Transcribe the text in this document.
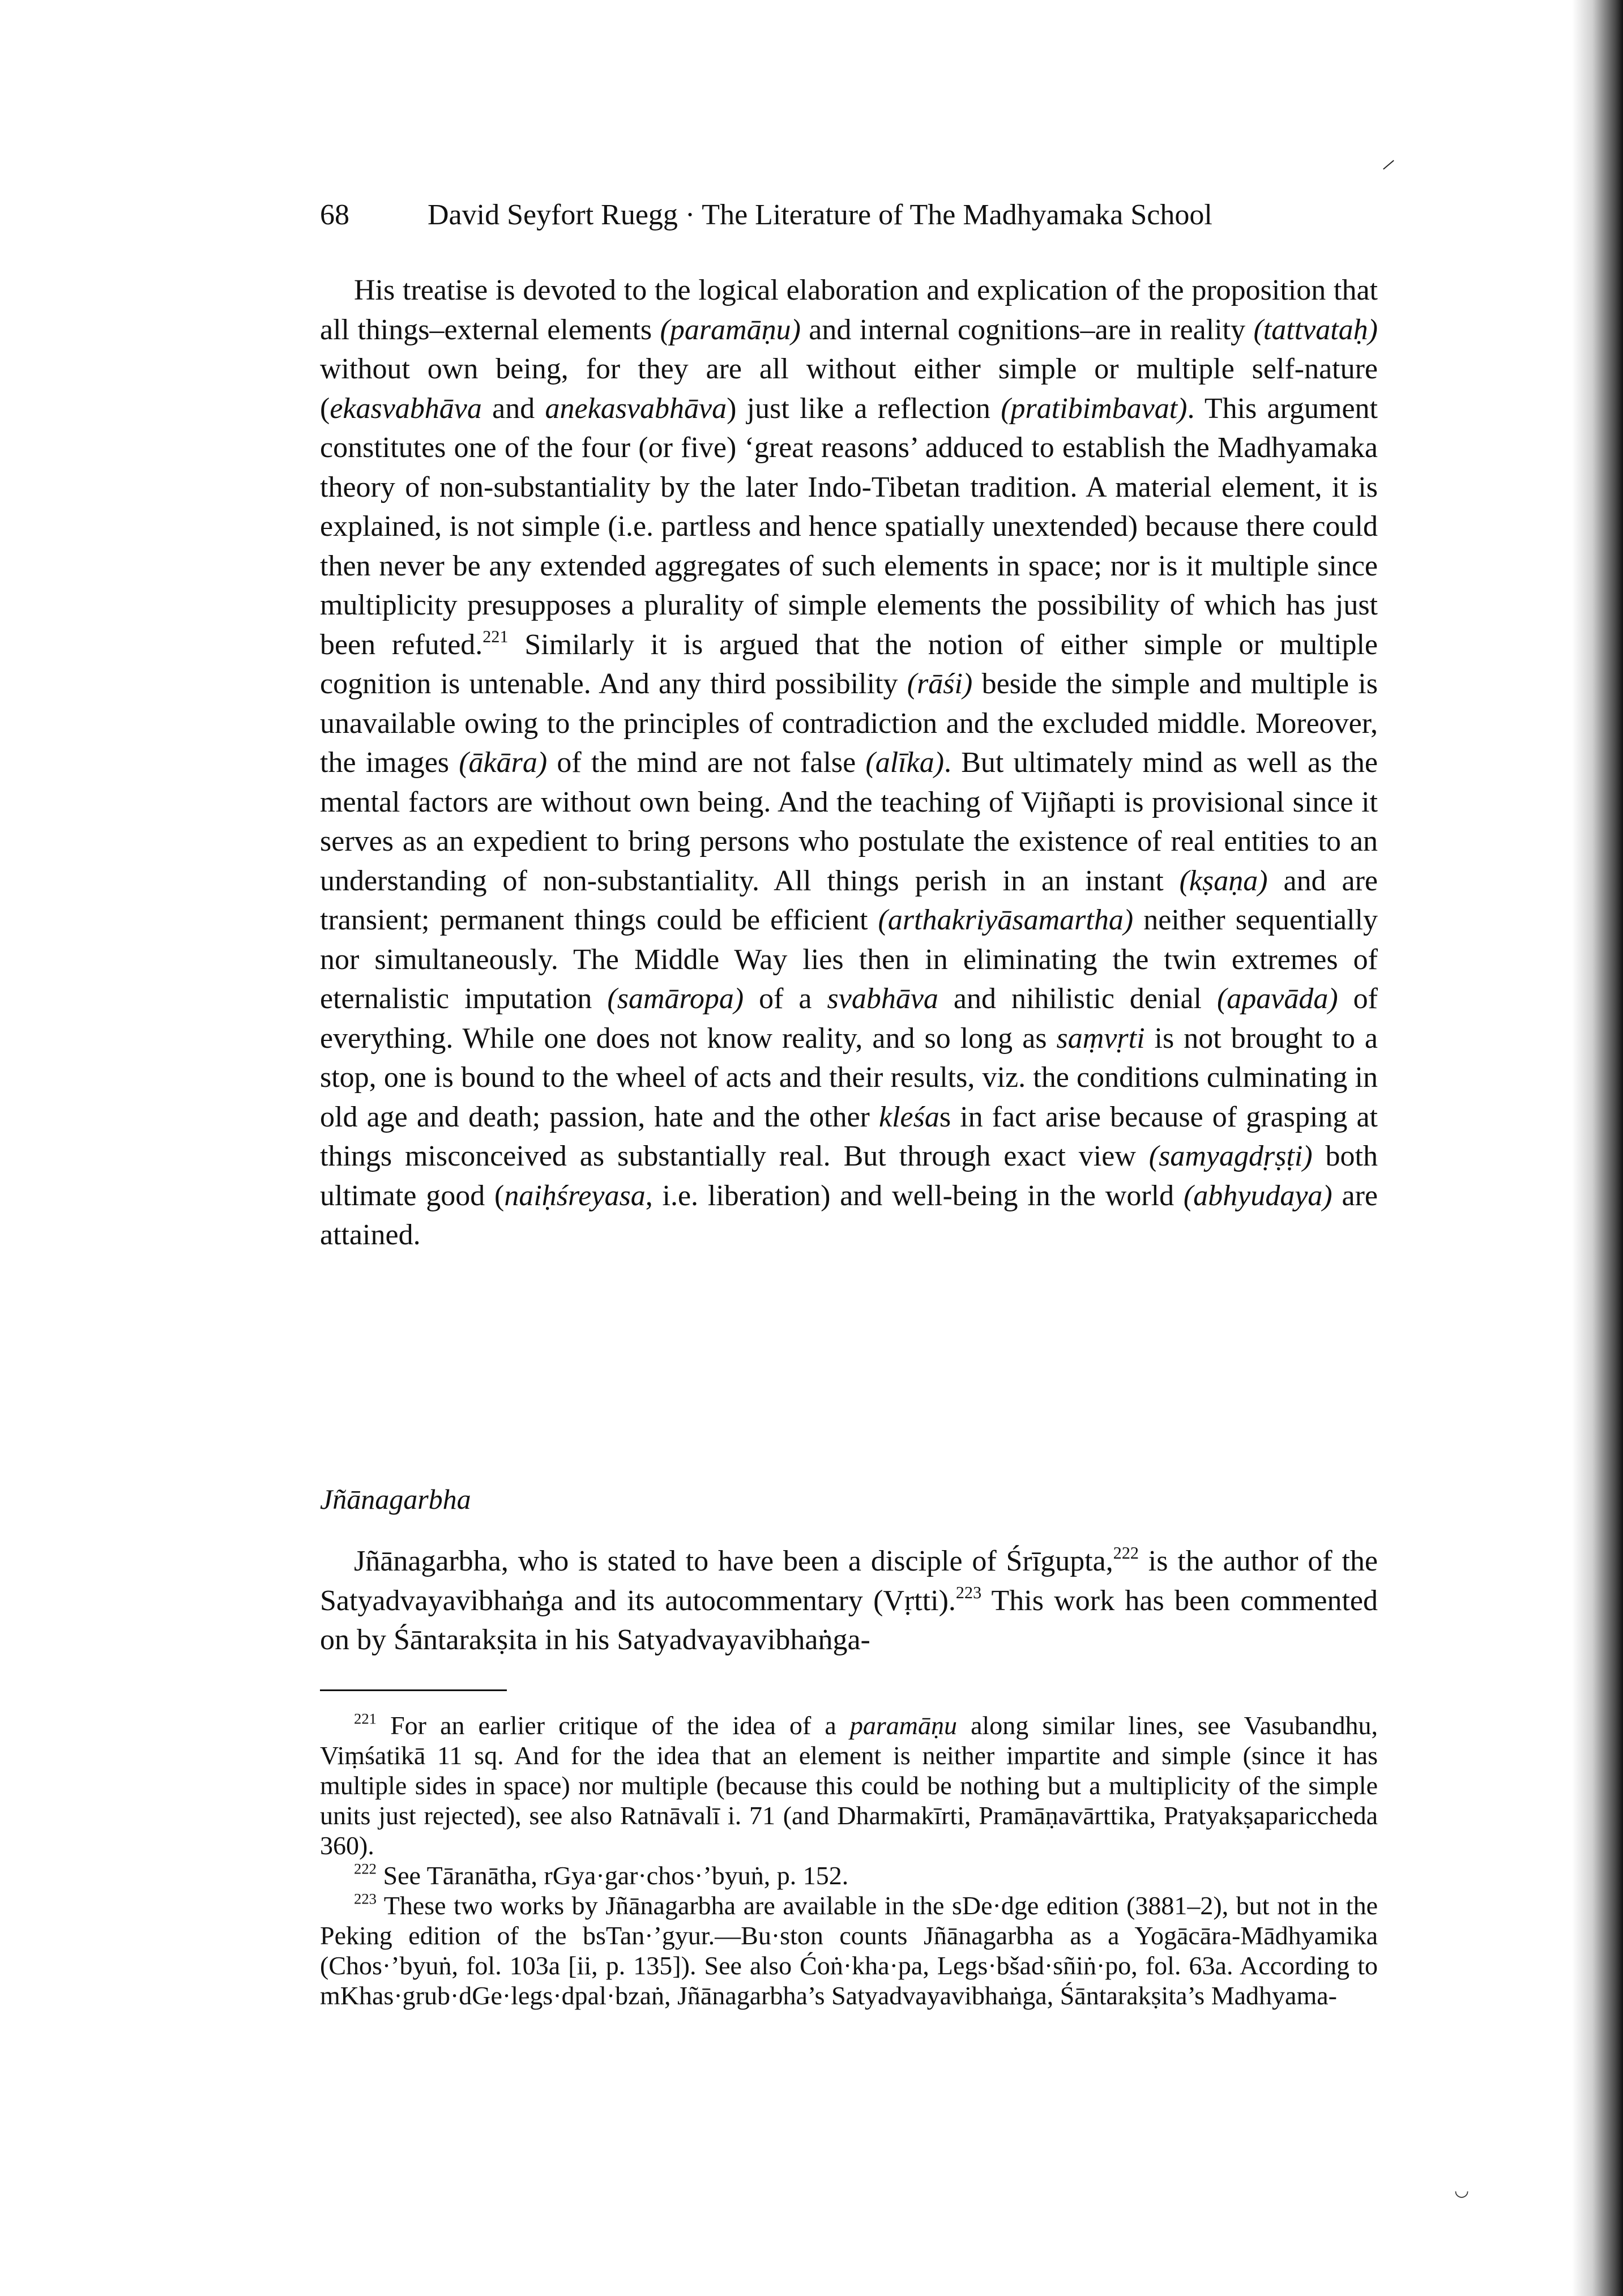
68	David Seyfort Ruegg · The Literature of The Madhyamaka School

His treatise is devoted to the logical elaboration and explication of the proposition that all things–external elements (paramāṇu) and internal cognitions–are in reality (tattvataḥ) without own being, for they are all without either simple or multiple self-nature (ekasvabhāva and anekasvabhāva) just like a reflection (pratibimbavat). This argument constitutes one of the four (or five) ‘great reasons’ adduced to establish the Madhyamaka theory of non-substantiality by the later Indo-Tibetan tradition. A material element, it is explained, is not simple (i.e. partless and hence spatially unextended) because there could then never be any extended aggregates of such elements in space; nor is it multiple since multiplicity presupposes a plurality of simple elements the possibility of which has just been refuted.$^{221}$ Similarly it is argued that the notion of either simple or multiple cognition is untenable. And any third possibility (rāśi) beside the simple and multiple is unavailable owing to the principles of contradiction and the excluded middle. Moreover, the images (ākāra) of the mind are not false (alīka). But ultimately mind as well as the mental factors are without own being. And the teaching of Vijñapti is provisional since it serves as an expedient to bring persons who postulate the existence of real entities to an understanding of non-substantiality. All things perish in an instant (kṣaṇa) and are transient; permanent things could be efficient (arthakriyāsamartha) neither sequentially nor simultaneously. The Middle Way lies then in eliminating the twin extremes of eternalistic imputation (samāropa) of a svabhāva and nihilistic denial (apavāda) of everything. While one does not know reality, and so long as saṃvṛti is not brought to a stop, one is bound to the wheel of acts and their results, viz. the conditions culminating in old age and death; passion, hate and the other kleśas in fact arise because of grasping at things misconceived as substantially real. But through exact view (samyagdṛṣṭi) both ultimate good (naiḥśreyasa, i.e. liberation) and well-being in the world (abhyudaya) are attained.

Jñānagarbha

Jñānagarbha, who is stated to have been a disciple of Śrīgupta,$^{222}$ is the author of the Satyadvayavibhaṅga and its autocommentary (Vṛtti).$^{223}$ This work has been commented on by Śāntarakṣita in his Satyadvayavibhaṅga-

$^{221}$ For an earlier critique of the idea of a paramāṇu along similar lines, see Vasubandhu, Viṃśatikā 11 sq. And for the idea that an element is neither impartite and simple (since it has multiple sides in space) nor multiple (because this could be nothing but a multiplicity of the simple units just rejected), see also Ratnāvalī i. 71 (and Dharmakīrti, Pramāṇavārttika, Pratyakṣapariccheda 360).

$^{222}$ See Tāranātha, rGya·gar·chos·’byuṅ, p. 152.

$^{223}$ These two works by Jñānagarbha are available in the sDe·dge edition (3881–2), but not in the Peking edition of the bsTan·’gyur.—Bu·ston counts Jñānagarbha as a Yogācāra-Mādhyamika (Chos·’byuṅ, fol. 103a [ii, p. 135]). See also Ćoṅ·kha·pa, Legs·bšad·sñiṅ·po, fol. 63a. According to mKhas·grub·dGe·legs·dpal·bzaṅ, Jñānagarbha’s Satyadvayavibhaṅga, Śāntarakṣita’s Madhyama-

◡
